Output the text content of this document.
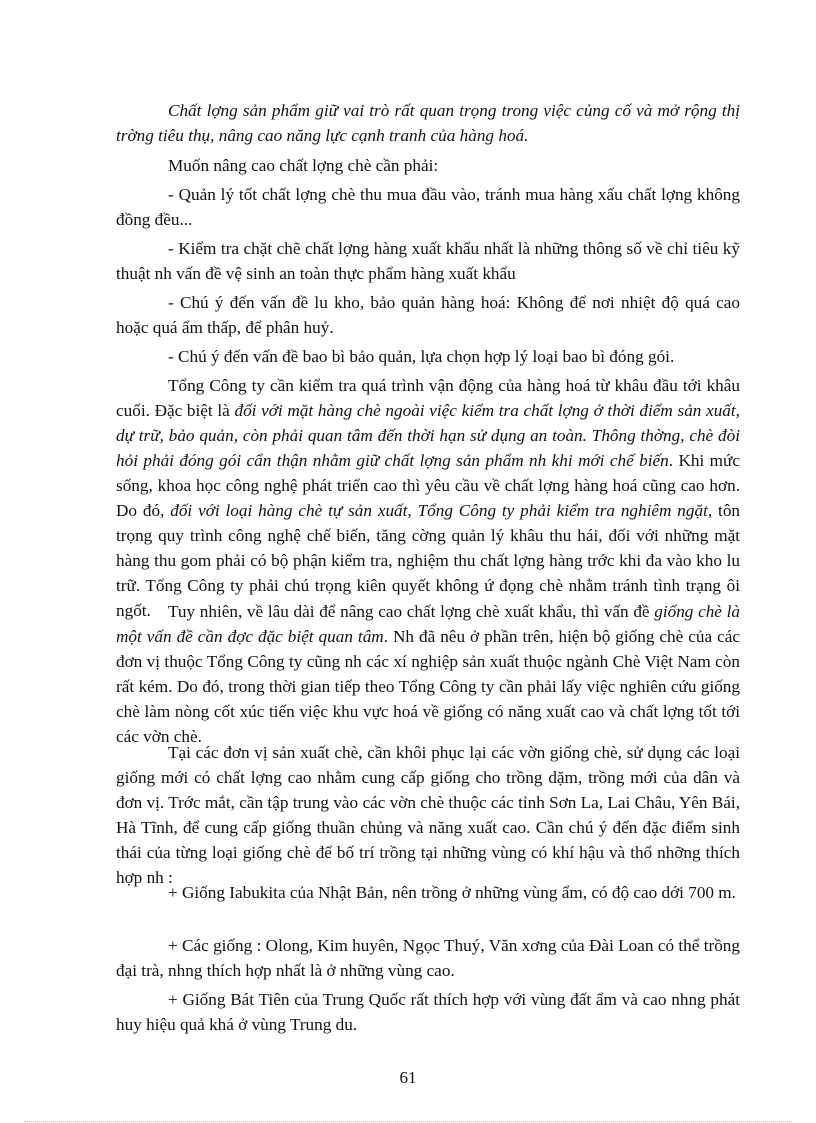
Chất lợng sản phẩm giữ vai trò rất quan trọng trong việc củng cố và mở rộng thị trờng tiêu thụ, nâng cao năng lực cạnh tranh của hàng hoá.

Muốn nâng cao chất lợng chè cần phải:

- Quản lý tốt chất lợng chè thu mua đầu vào, tránh mua hàng xấu chất lợng không đồng đều...

- Kiểm tra chặt chẽ chất lợng hàng xuất khẩu nhất là những thông số về chỉ tiêu kỹ thuật nh vấn đề vệ sinh an toàn thực phẩm hàng xuất khẩu

- Chú ý đến vấn đề lu kho, bảo quản hàng hoá: Không để nơi nhiệt độ quá cao hoặc quá ẩm thấp, để phân huỷ.

- Chú ý đến vấn đề bao bì bảo quản, lựa chọn hợp lý loại bao bì đóng gói.

Tổng Công ty cần kiểm tra quá trình vận động của hàng hoá từ khâu đầu tới khâu cuối. Đặc biệt là đối với mặt hàng chè ngoài việc kiểm tra chất lợng ở thời điểm sản xuất, dự trữ, bảo quản, còn phải quan tâm đến thời hạn sử dụng an toàn. Thông thờng, chè đòi hỏi phải đóng gói cẩn thận nhằm giữ chất lợng sản phẩm nh khi mới chế biến. Khi mức sống, khoa học công nghệ phát triển cao thì yêu cầu về chất lợng hàng hoá cũng cao hơn. Do đó, đối với loại hàng chè tự sản xuất, Tổng Công ty phải kiểm tra nghiêm ngặt, tôn trọng quy trình công nghệ chế biến, tăng cờng quản lý khâu thu hái, đối với những mặt hàng thu gom phải có bộ phận kiểm tra, nghiệm thu chất lợng hàng trớc khi đa vào kho lu trữ. Tổng Công ty phải chú trọng kiên quyết không ứ đọng chè nhằm tránh tình trạng ôi ngốt. Tuy nhiên, về lâu dài để nâng cao chất lợng chè xuất khẩu, thì vấn đề giống chè là một vấn đề cần đợc đặc biệt quan tâm. Nh đã nêu ở phần trên, hiện bộ giống chè của các đơn vị thuộc Tổng Công ty cũng nh các xí nghiệp sản xuất thuộc ngành Chè Việt Nam còn rất kém. Do đó, trong thời gian tiếp theo Tổng Công ty cần phải lấy việc nghiên cứu giống chè làm nòng cốt xúc tiến việc khu vực hoá về giống có năng xuất cao và chất lợng tốt tới các vờn chè.

Tại các đơn vị sản xuất chè, cần khôi phục lại các vờn giống chè, sử dụng các loại giống mới có chất lợng cao nhằm cung cấp giống cho trồng dặm, trồng mới của dân và đơn vị. Trớc mắt, cần tập trung vào các vờn chè thuộc các tỉnh Sơn La, Lai Châu, Yên Bái, Hà Tĩnh, để cung cấp giống thuần chủng và năng xuất cao. Cần chú ý đến đặc điểm sinh thái của từng loại giống chè để bố trí trồng tại những vùng có khí hậu và thổ nhỡng thích hợp nh :

+ Giống Iabukita của Nhật Bản, nên trồng ở những vùng ẩm, có độ cao dới 700 m.

+ Các giống : Olong, Kim huyên, Ngọc Thuý, Văn xơng của Đài Loan có thể trồng đại trà, nhng thích hợp nhất là ở những vùng cao.

+ Giống Bát Tiên của Trung Quốc rất thích hợp với vùng đất ẩm và cao nhng phát huy hiệu quả khá ở vùng Trung du.

61
